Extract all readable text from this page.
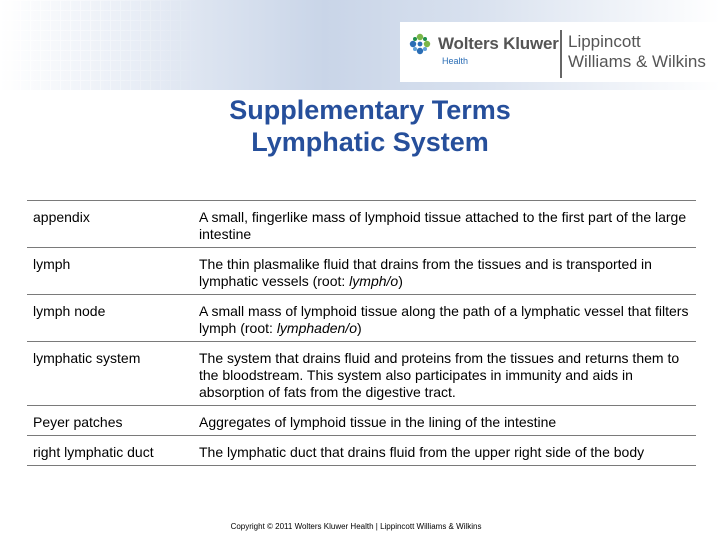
Wolters Kluwer
Health
Lippincott
Williams & Wilkins
Supplementary Terms
Lymphatic System
appendix	A small, fingerlike mass of lymphoid tissue attached to the first part of the large intestine
lymph	The thin plasmalike fluid that drains from the tissues and is transported in lymphatic vessels (root: lymph/o)
lymph node	A small mass of lymphoid tissue along the path of a lymphatic vessel that filters lymph (root: lymphaden/o)
lymphatic system	The system that drains fluid and proteins from the tissues and returns them to the bloodstream. This system also participates in immunity and aids in absorption of fats from the digestive tract.
Peyer patches	Aggregates of lymphoid tissue in the lining of the intestine
right lymphatic duct	The lymphatic duct that drains fluid from the upper right side of the body
Copyright © 2011 Wolters Kluwer Health | Lippincott Williams & Wilkins
